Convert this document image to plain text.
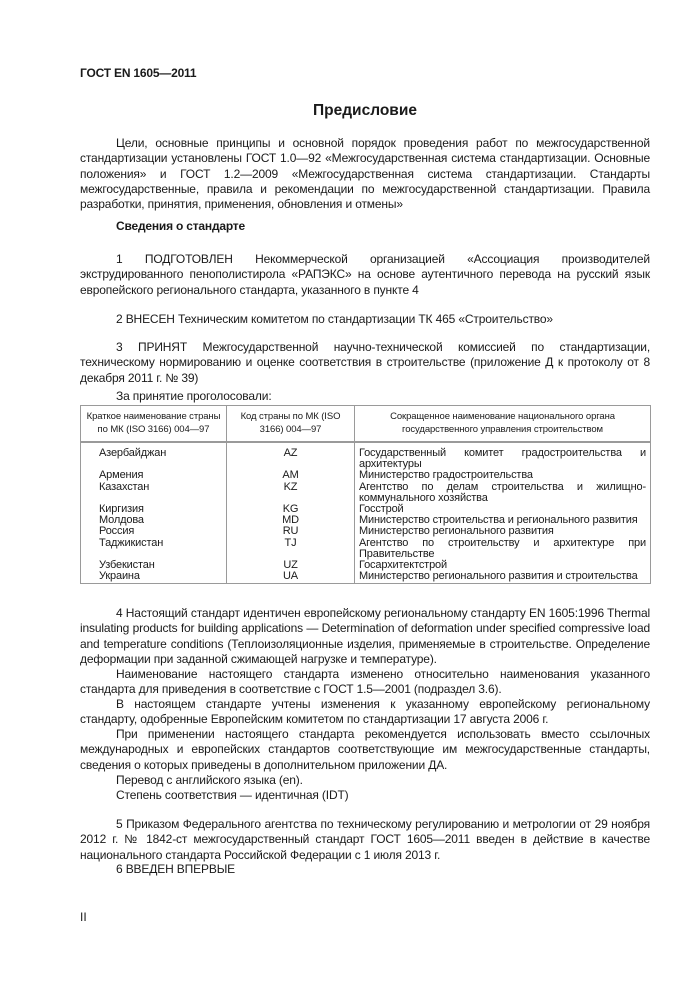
ГОСТ EN 1605—2011
Предисловие
Цели, основные принципы и основной порядок проведения работ по межгосударственной стандартизации установлены ГОСТ 1.0—92 «Межгосударственная система стандартизации. Основные положения» и ГОСТ 1.2—2009 «Межгосударственная система стандартизации. Стандарты межгосударственные, правила и рекомендации по межгосударственной стандартизации. Правила разработки, принятия, применения, обновления и отмены»
Сведения о стандарте
1 ПОДГОТОВЛЕН Некоммерческой организацией «Ассоциация производителей экструдированного пенополистирола «РАПЭКС» на основе аутентичного перевода на русский язык европейского регионального стандарта, указанного в пункте 4
2 ВНЕСЕН Техническим комитетом по стандартизации ТК 465 «Строительство»
3 ПРИНЯТ Межгосударственной научно-технической комиссией по стандартизации, техническому нормированию и оценке соответствия в строительстве (приложение Д к протоколу от 8 декабря 2011 г. № 39)
За принятие проголосовали:
Краткое наименование страны по МК (ISO 3166) 004—97	Код страны по МК (ISO 3166) 004—97	Сокращенное наименование национального органа государственного управления строительством
Азербайджан	AZ	Государственный комитет градостроительства и архитектуры
Армения	AM	Министерство градостроительства
Казахстан	KZ	Агентство по делам строительства и жилищно-коммунального хозяйства
Киргизия	KG	Госстрой
Молдова	MD	Министерство строительства и регионального развития
Россия	RU	Министерство регионального развития
Таджикистан	TJ	Агентство по строительству и архитектуре при Правительстве
Узбекистан	UZ	Госархитектстрой
Украина	UA	Министерство регионального развития и строительства
4 Настоящий стандарт идентичен европейскому региональному стандарту EN 1605:1996 Thermal insulating products for building applications — Determination of deformation under specified compressive load and temperature conditions (Теплоизоляционные изделия, применяемые в строительстве. Определение деформации при заданной сжимающей нагрузке и температуре).
Наименование настоящего стандарта изменено относительно наименования указанного стандарта для приведения в соответствие с ГОСТ 1.5—2001 (подраздел 3.6).
В настоящем стандарте учтены изменения к указанному европейскому региональному стандарту, одобренные Европейским комитетом по стандартизации 17 августа 2006 г.
При применении настоящего стандарта рекомендуется использовать вместо ссылочных международных и европейских стандартов соответствующие им межгосударственные стандарты, сведения о которых приведены в дополнительном приложении ДА.
Перевод с английского языка (en).
Степень соответствия — идентичная (IDT)
5 Приказом Федерального агентства по техническому регулированию и метрологии от 29 ноября 2012 г. № 1842-ст межгосударственный стандарт ГОСТ 1605—2011 введен в действие в качестве национального стандарта Российской Федерации с 1 июля 2013 г.
6 ВВЕДЕН ВПЕРВЫЕ
II
